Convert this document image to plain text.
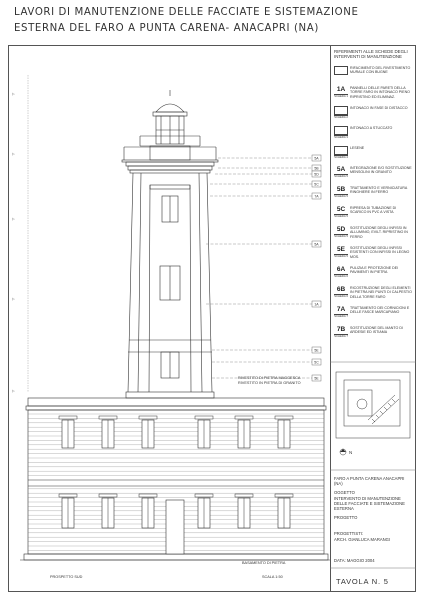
LAVORI DI MANUTENZIONE DELLE FACCIATE E SISTEMAZIONE
ESTERNA DEL FARO A PUNTA CARENA- ANACAPRI (NA)
▷
▷
▷
▷
▷
5A
5B
5D
5C
7A
5A
1A
5E
5C
5E
RIVESTITO DI PIETRA MAGGESCA
RIVESTITO IN PIETRA DI GRANITO
BASAMENTO DI PIETRA
PROSPETTO SUD	SCALA 1:50
N
RIFERIMENTI ALLE SCHEDE DEGLI INTERVENTI DI MANUTENZIONE
RIFACIMENTO DEL RIVESTIMENTO MURALE CON BUGNE
1A
SCHEDA 1
PANNELLI DELLE PARETI DELLA TORRE FARO IN INTONACO PIENO RIPRISTINO ED ELIMINAZ.
SCHEDA 2
INTONACO IN FASE DI DISTACCO
SCHEDA 3
INTONACO A STUCCATO
SCHEDA 4
LESENE
5A
SCHEDA 5
INTEGRAZIONE E/O SOSTITUZIONE MENSOLINI IN GRANITO
5B
SCHEDA 5
TRATTAMENTO E VERNICIATURA RINGHIERE IN FERRO
5C
SCHEDA 5
RIPRESA DI TUBAZIONE DI SCARICO IN PVC A VISTA
5D
SCHEDA 5
SOSTITUZIONE DEGLI INFISSI IN ALLUMINIO, EVILT. RIPRISTINO IN FERRO
5E
SCHEDA 5
SOSTITUZIONE DEGLI INFISSI ESISTENTI CON INFISSI IN LEGNO MOS.
6A
SCHEDA 6
PULIZIA E PROTEZIONE DEI PAVIMENTI IN PIETRA
6B
SCHEDA 6
RICOSTRUZIONE DEGLI ELEMENTI IN PIETRA NEI PUNTI DI CALPESTIO DELLA TORRE FARO
7A
SCHEDA 7
TRATTAMENTO DEI CORNICIONI E DELLE FASCE MARCAPIANO
7B
SCHEDA 7
SOSTITUZIONE DEL MANTO DI ARDESIE ED ISTIAMA
FARO A PUNTA CARENA ANACAPRI (NA)
OGGETTO
INTERVENTO DI MANUTENZIONE DELLE FACCIATE E SISTEMAZIONE ESTERNA
PROGETTO
PROGETTISTI:
ARCH. GIANLUCA MARANGI
DATA: MAGGIO 2004
TAVOLA N. 5
